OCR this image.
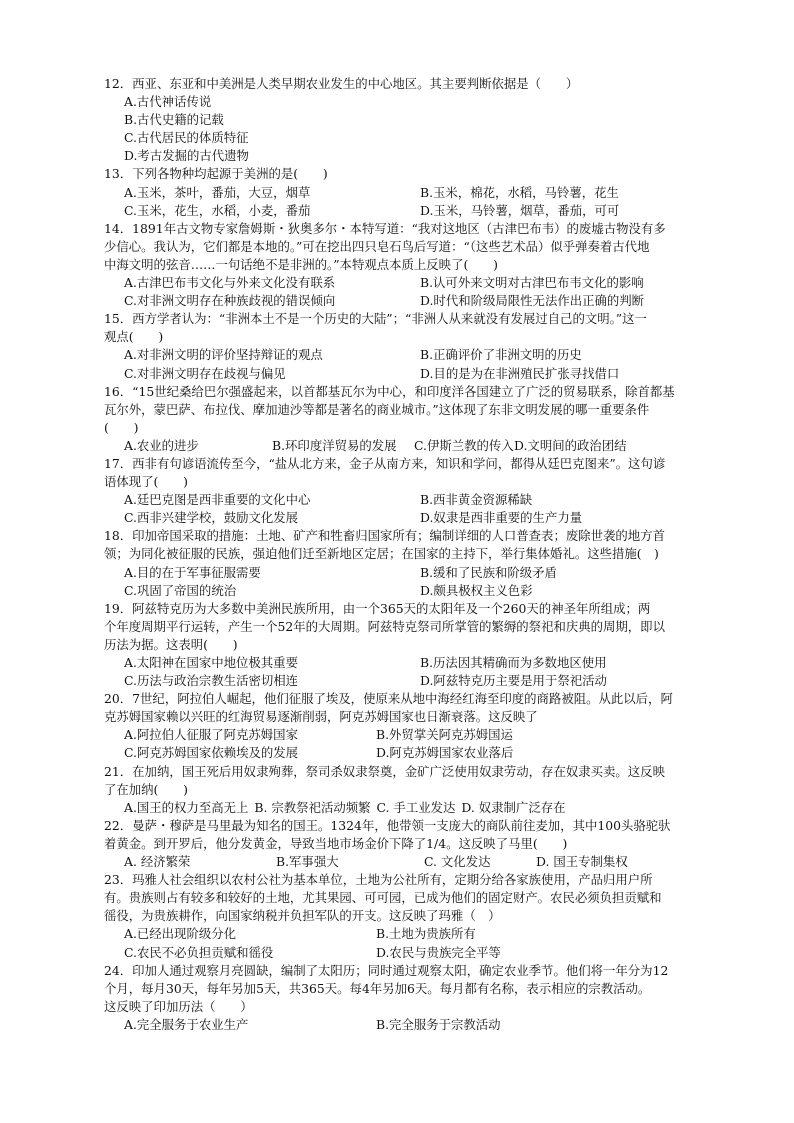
12．西亚、东亚和中美洲是人类早期农业发生的中心地区。其主要判断依据是（　　）
A.古代神话传说
B.古代史籍的记载
C.古代居民的体质特征
D.考古发掘的古代遗物
13．下列各物种均起源于美洲的是(　　)
A.玉米，茶叶，番茄，大豆，烟草	B.玉米，棉花，水稻，马铃薯，花生
C.玉米，花生，水稻，小麦，番茄	D.玉米，马铃薯，烟草，番茄，可可
14．1891年古文物专家詹姆斯・狄奥多尔・本特写道：“我对这地区（古津巴布韦）的废墟古物没有多
少信心。我认为，它们都是本地的。”可在挖出四只皂石鸟后写道：“（这些艺术品）似乎弹奏着古代地
中海文明的弦音……一句话绝不是非洲的。”本特观点本质上反映了(　　)
A.古津巴布韦文化与外来文化没有联系	B.认可外来文明对古津巴布韦文化的影响
C.对非洲文明存在种族歧视的错误倾向	D.时代和阶级局限性无法作出正确的判断
15．西方学者认为：“非洲本土不是一个历史的大陆”；“非洲人从来就没有发展过自己的文明。”这一
观点(　　)
A.对非洲文明的评价坚持辩证的观点	B.正确评价了非洲文明的历史
C.对非洲文明存在歧视与偏见	D.目的是为在非洲殖民扩张寻找借口
16．“15世纪桑给巴尔强盛起来，以首都基瓦尔为中心，和印度洋各国建立了广泛的贸易联系，除首都基
瓦尔外，蒙巴萨、布拉伐、摩加迪沙等都是著名的商业城市。”这体现了东非文明发展的哪一重要条件
(　　)
A.农业的进步	B.环印度洋贸易的发展	C.伊斯兰教的传入 D.文明间的政治团结
17．西非有句谚语流传至今，“盐从北方来，金子从南方来，知识和学问，都得从廷巴克图来”。这句谚
语体现了(　　)
A.廷巴克图是西非重要的文化中心	B.西非黄金资源稀缺
C.西非兴建学校，鼓励文化发展	D.奴隶是西非重要的生产力量
18．印加帝国采取的措施：土地、矿产和牲畜归国家所有；编制详细的人口普查表；废除世袭的地方首
领；为同化被征服的民族，强迫他们迁至新地区定居；在国家的主持下，举行集体婚礼。这些措施(　)
A.目的在于军事征服需要	B.缓和了民族和阶级矛盾
C.巩固了帝国的统治	D.颇具极权主义色彩
19．阿兹特克历为大多数中美洲民族所用，由一个365天的太阳年及一个260天的神圣年所组成；两
个年度周期平行运转，产生一个52年的大周期。阿兹特克祭司所掌管的繁缛的祭祀和庆典的周期，即以
历法为据。这表明(　　)
A.太阳神在国家中地位极其重要	B.历法因其精确而为多数地区使用
C.历法与政治宗教生活密切相连	D.阿兹特克历主要是用于祭祀活动
20．7世纪，阿拉伯人崛起，他们征服了埃及，使原来从地中海经红海至印度的商路被阻。从此以后，阿
克苏姆国家赖以兴旺的红海贸易逐渐削弱，阿克苏姆国家也日渐衰落。这反映了
A.阿拉伯人征服了阿克苏姆国家	B.外贸掌关阿克苏姆国运
C.阿克苏姆国家依赖埃及的发展	D.阿克苏姆国家农业落后
21．在加纳，国王死后用奴隶殉葬，祭司杀奴隶祭奠，金矿广泛使用奴隶劳动，存在奴隶买卖。这反映
了在加纳(　　)
A.国王的权力至高无上 B. 宗教祭祀活动频繁 C. 手工业发达 D. 奴隶制广泛存在
22．曼萨・穆萨是马里最为知名的国王。1324年，他带领一支庞大的商队前往麦加，其中100头骆驼驮
着黄金。到开罗后，他分发黄金，导致当地市场金价下降了1/4。这反映了马里(　　)
A. 经济繁荣	B.军事强大	C. 文化发达	D. 国王专制集权
23．玛雅人社会组织以农村公社为基本单位，土地为公社所有，定期分给各家族使用，产品归用户所
有。贵族则占有较多和较好的土地，尤其果园、可可园，已成为他们的固定财产。农民必须负担贡赋和
徭役，为贵族耕作，向国家纳税并负担军队的开支。这反映了玛雅（　）
A.已经出现阶级分化	B.土地为贵族所有
C.农民不必负担贡赋和徭役	D.农民与贵族完全平等
24．印加人通过观察月亮圆缺，编制了太阳历；同时通过观察太阳，确定农业季节。他们将一年分为12
个月，每月30天，每年另加5天，共365天。每4年另加6天。每月都有名称，表示相应的宗教活动。
这反映了印加历法（　　）
A.完全服务于农业生产	B.完全服务于宗教活动
